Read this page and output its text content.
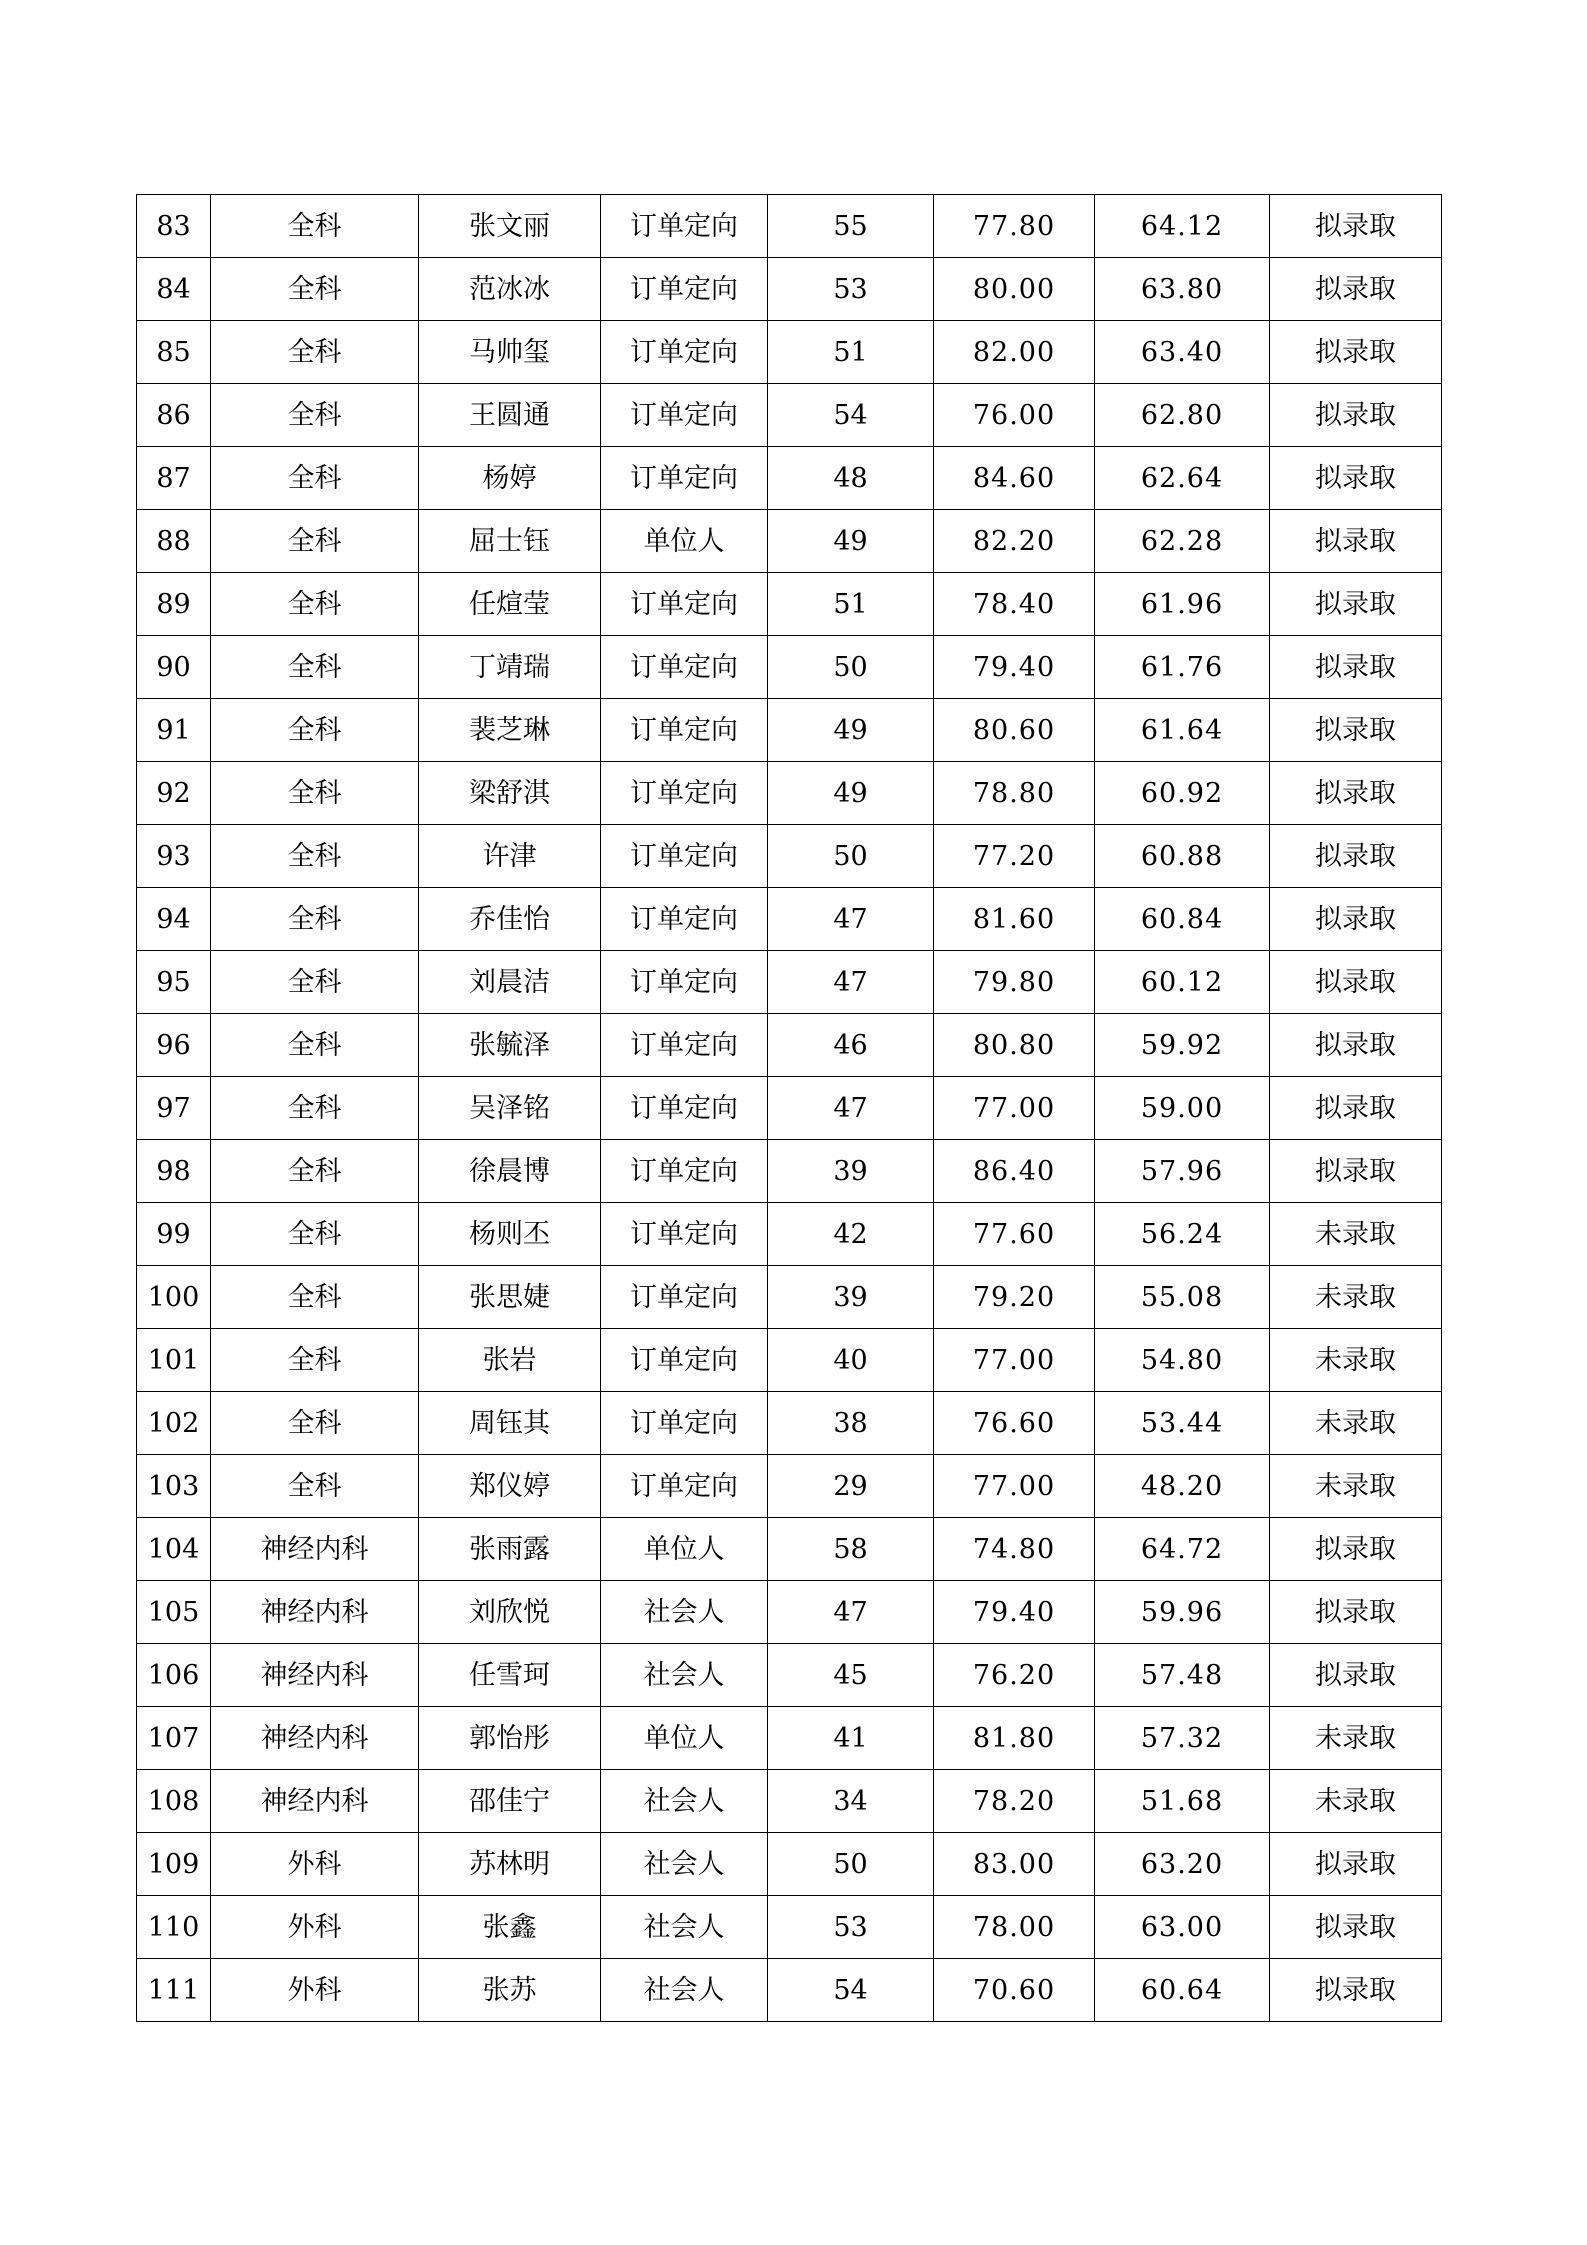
83	全科	张文丽	订单定向	55	77.80	64.12	拟录取
84	全科	范冰冰	订单定向	53	80.00	63.80	拟录取
85	全科	马帅玺	订单定向	51	82.00	63.40	拟录取
86	全科	王圆通	订单定向	54	76.00	62.80	拟录取
87	全科	杨婷	订单定向	48	84.60	62.64	拟录取
88	全科	屈士钰	单位人	49	82.20	62.28	拟录取
89	全科	任煊莹	订单定向	51	78.40	61.96	拟录取
90	全科	丁靖瑞	订单定向	50	79.40	61.76	拟录取
91	全科	裴芝琳	订单定向	49	80.60	61.64	拟录取
92	全科	梁舒淇	订单定向	49	78.80	60.92	拟录取
93	全科	许津	订单定向	50	77.20	60.88	拟录取
94	全科	乔佳怡	订单定向	47	81.60	60.84	拟录取
95	全科	刘晨洁	订单定向	47	79.80	60.12	拟录取
96	全科	张毓泽	订单定向	46	80.80	59.92	拟录取
97	全科	吴泽铭	订单定向	47	77.00	59.00	拟录取
98	全科	徐晨博	订单定向	39	86.40	57.96	拟录取
99	全科	杨则丕	订单定向	42	77.60	56.24	未录取
100	全科	张思婕	订单定向	39	79.20	55.08	未录取
101	全科	张岩	订单定向	40	77.00	54.80	未录取
102	全科	周钰其	订单定向	38	76.60	53.44	未录取
103	全科	郑仪婷	订单定向	29	77.00	48.20	未录取
104	神经内科	张雨露	单位人	58	74.80	64.72	拟录取
105	神经内科	刘欣悦	社会人	47	79.40	59.96	拟录取
106	神经内科	任雪珂	社会人	45	76.20	57.48	拟录取
107	神经内科	郭怡彤	单位人	41	81.80	57.32	未录取
108	神经内科	邵佳宁	社会人	34	78.20	51.68	未录取
109	外科	苏林明	社会人	50	83.00	63.20	拟录取
110	外科	张鑫	社会人	53	78.00	63.00	拟录取
111	外科	张苏	社会人	54	70.60	60.64	拟录取
